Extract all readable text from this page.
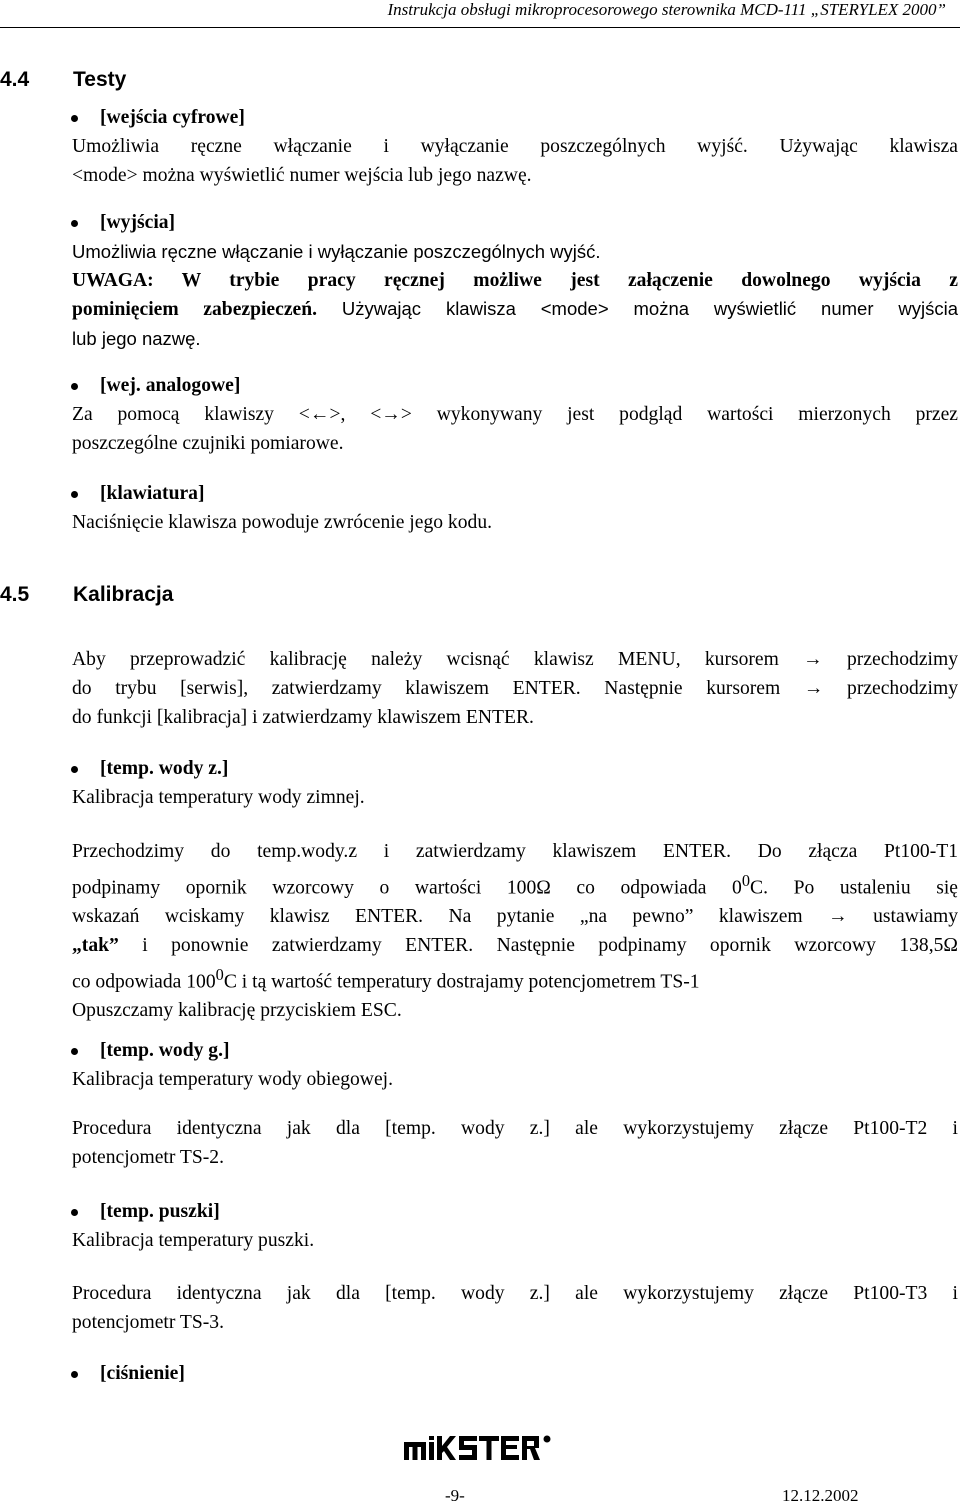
Instrukcja obsługi mikroprocesorowego sterownika MCD-111 „STERYLEX 2000”
4.4 Testy
[wejścia cyfrowe]
Umożliwia ręczne włączanie i wyłączanie poszczególnych wyjść. Używając klawisza
<mode> można wyświetlić numer wejścia lub jego nazwę.
[wyjścia]
Umożliwia ręczne włączanie i wyłączanie poszczególnych wyjść.
UWAGA: W trybie pracy ręcznej możliwe jest załączenie dowolnego wyjścia z
pominięciem zabezpieczeń. Używając klawisza <mode> można wyświetlić numer wyjścia
lub jego nazwę.
[wej. analogowe]
Za pomocą klawiszy <←>, <→> wykonywany jest podgląd wartości mierzonych przez
poszczególne czujniki pomiarowe.
[klawiatura]
Naciśnięcie klawisza powoduje zwrócenie jego kodu.
4.5 Kalibracja
Aby przeprowadzić kalibrację należy wcisnąć klawisz MENU, kursorem → przechodzimy
do trybu [serwis], zatwierdzamy klawiszem ENTER. Następnie kursorem → przechodzimy
do funkcji [kalibracja] i zatwierdzamy klawiszem ENTER.
[temp. wody z.]
Kalibracja temperatury wody zimnej.
Przechodzimy do temp.wody.z i zatwierdzamy klawiszem ENTER. Do złącza Pt100-T1
podpinamy opornik wzorcowy o wartości 100Ω co odpowiada $0^0C$. Po ustaleniu się
wskazań wciskamy klawisz ENTER. Na pytanie „na pewno” klawiszem → ustawiamy
„tak” i ponownie zatwierdzamy ENTER. Następnie podpinamy opornik wzorcowy 138,5Ω
co odpowiada $100^0C$ i tą wartość temperatury dostrajamy potencjometrem TS-1
Opuszczamy kalibrację przyciskiem ESC.
[temp. wody g.]
Kalibracja temperatury wody obiegowej.
Procedura identyczna jak dla [temp. wody z.] ale wykorzystujemy złącze Pt100-T2 i
potencjometr TS-2.
[temp. puszki]
Kalibracja temperatury puszki.
Procedura identyczna jak dla [temp. wody z.] ale wykorzystujemy złącze Pt100-T3 i
potencjometr TS-3.
[ciśnienie]
-9-	12.12.2002
